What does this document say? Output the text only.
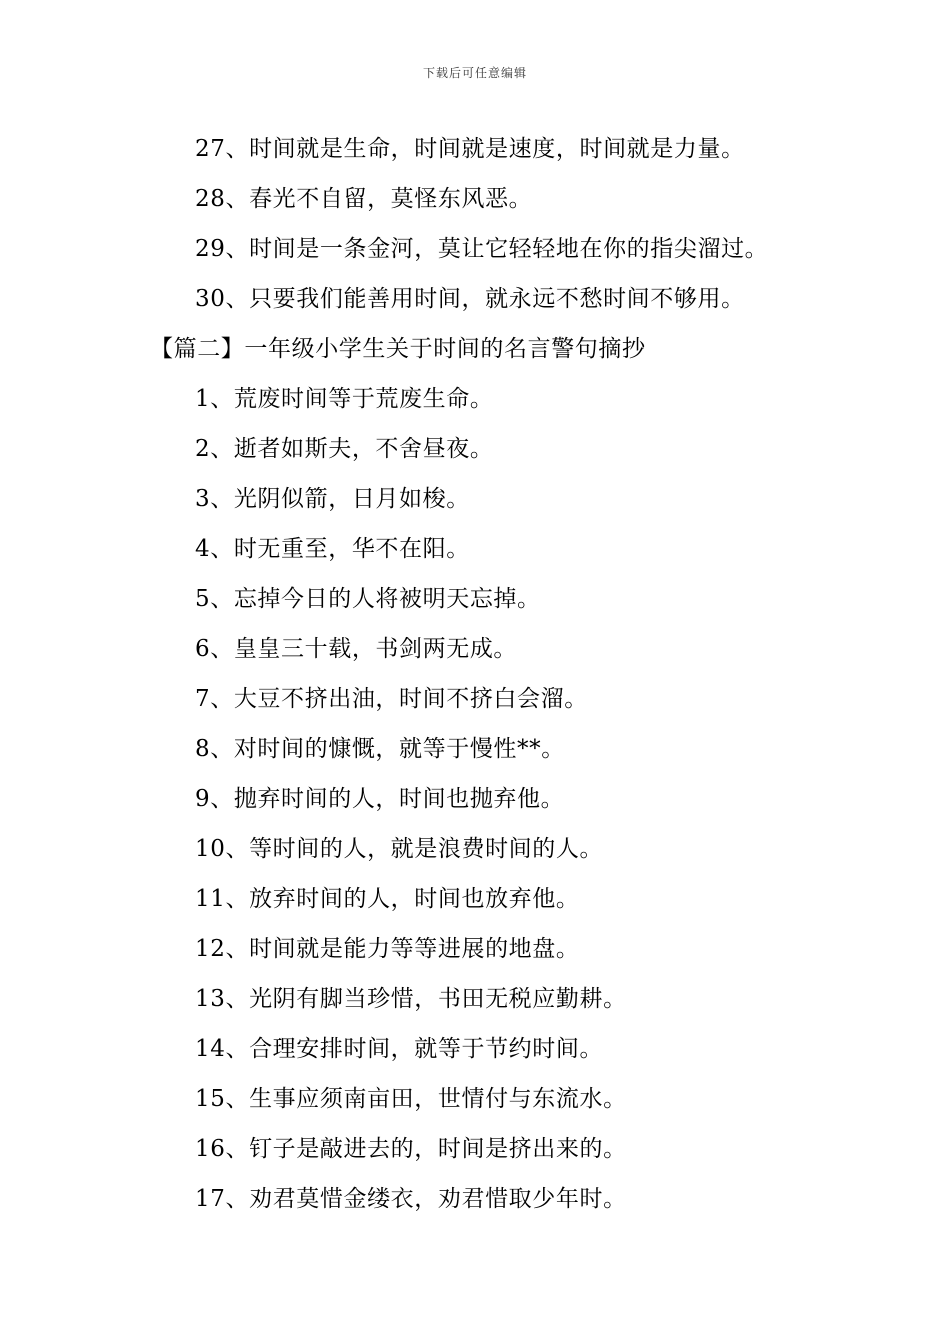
下载后可任意编辑
27、时间就是生命，时间就是速度，时间就是力量。
28、春光不自留，莫怪东风恶。
29、时间是一条金河，莫让它轻轻地在你的指尖溜过。
30、只要我们能善用时间，就永远不愁时间不够用。
【篇二】一年级小学生关于时间的名言警句摘抄
1、荒废时间等于荒废生命。
2、逝者如斯夫，不舍昼夜。
3、光阴似箭，日月如梭。
4、时无重至，华不在阳。
5、忘掉今日的人将被明天忘掉。
6、皇皇三十载，书剑两无成。
7、大豆不挤出油，时间不挤白会溜。
8、对时间的慷慨，就等于慢性**。
9、抛弃时间的人，时间也抛弃他。
10、等时间的人，就是浪费时间的人。
11、放弃时间的人，时间也放弃他。
12、时间就是能力等等进展的地盘。
13、光阴有脚当珍惜，书田无税应勤耕。
14、合理安排时间，就等于节约时间。
15、生事应须南亩田，世情付与东流水。
16、钉子是敲进去的，时间是挤出来的。
17、劝君莫惜金缕衣，劝君惜取少年时。
